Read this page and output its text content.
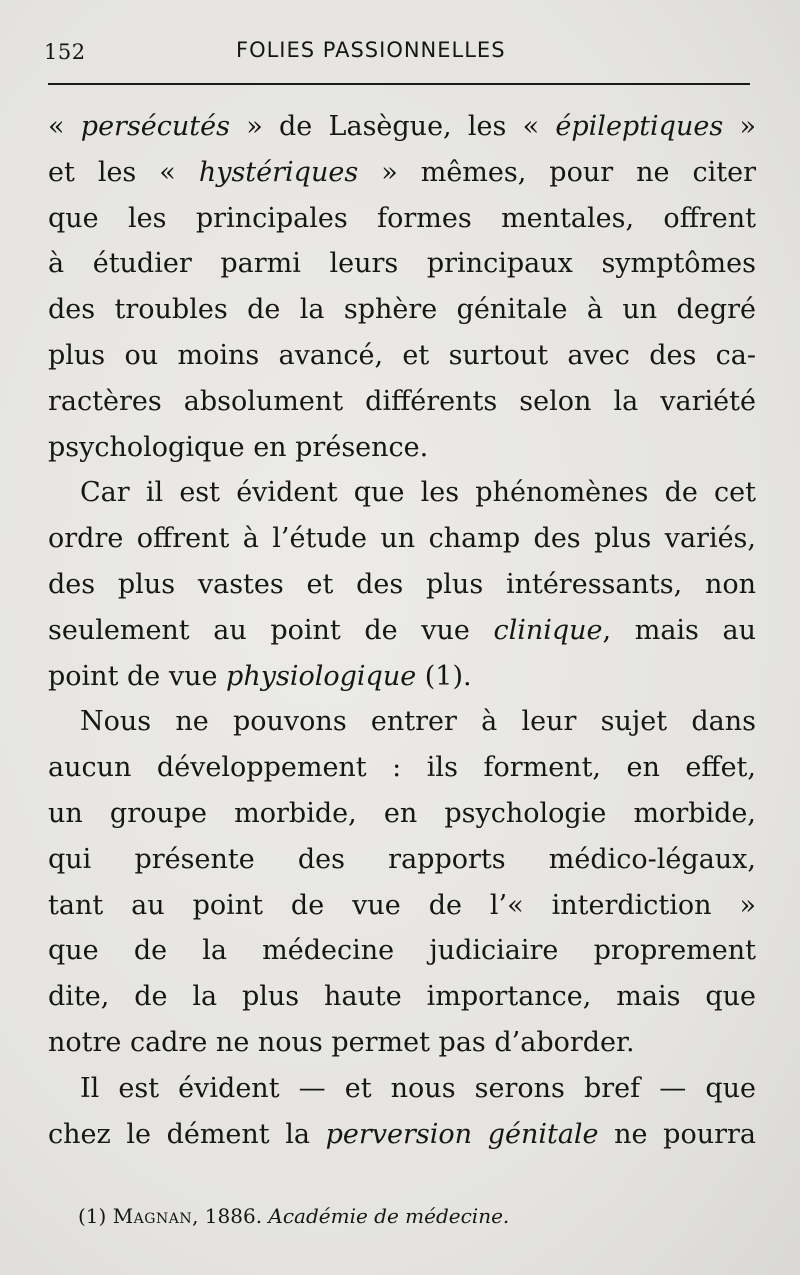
152	FOLIES PASSIONNELLES
« persécutés » de Lasègue, les « épileptiques »
et les « hystériques » mêmes, pour ne citer
que les principales formes mentales, offrent
à étudier parmi leurs principaux symptômes
des troubles de la sphère génitale à un degré
plus ou moins avancé, et surtout avec des ca-
ractères absolument différents selon la variété
psychologique en présence.
Car il est évident que les phénomènes de cet
ordre offrent à l’étude un champ des plus variés,
des plus vastes et des plus intéressants, non
seulement au point de vue clinique, mais au
point de vue physiologique (1).
Nous ne pouvons entrer à leur sujet dans
aucun développement : ils forment, en effet,
un groupe morbide, en psychologie morbide,
qui présente des rapports médico-légaux,
tant au point de vue de l’« interdiction »
que de la médecine judiciaire proprement
dite, de la plus haute importance, mais que
notre cadre ne nous permet pas d’aborder.
Il est évident — et nous serons bref — que
chez le dément la perversion génitale ne pourra
(1) Magnan, 1886. Académie de médecine.
